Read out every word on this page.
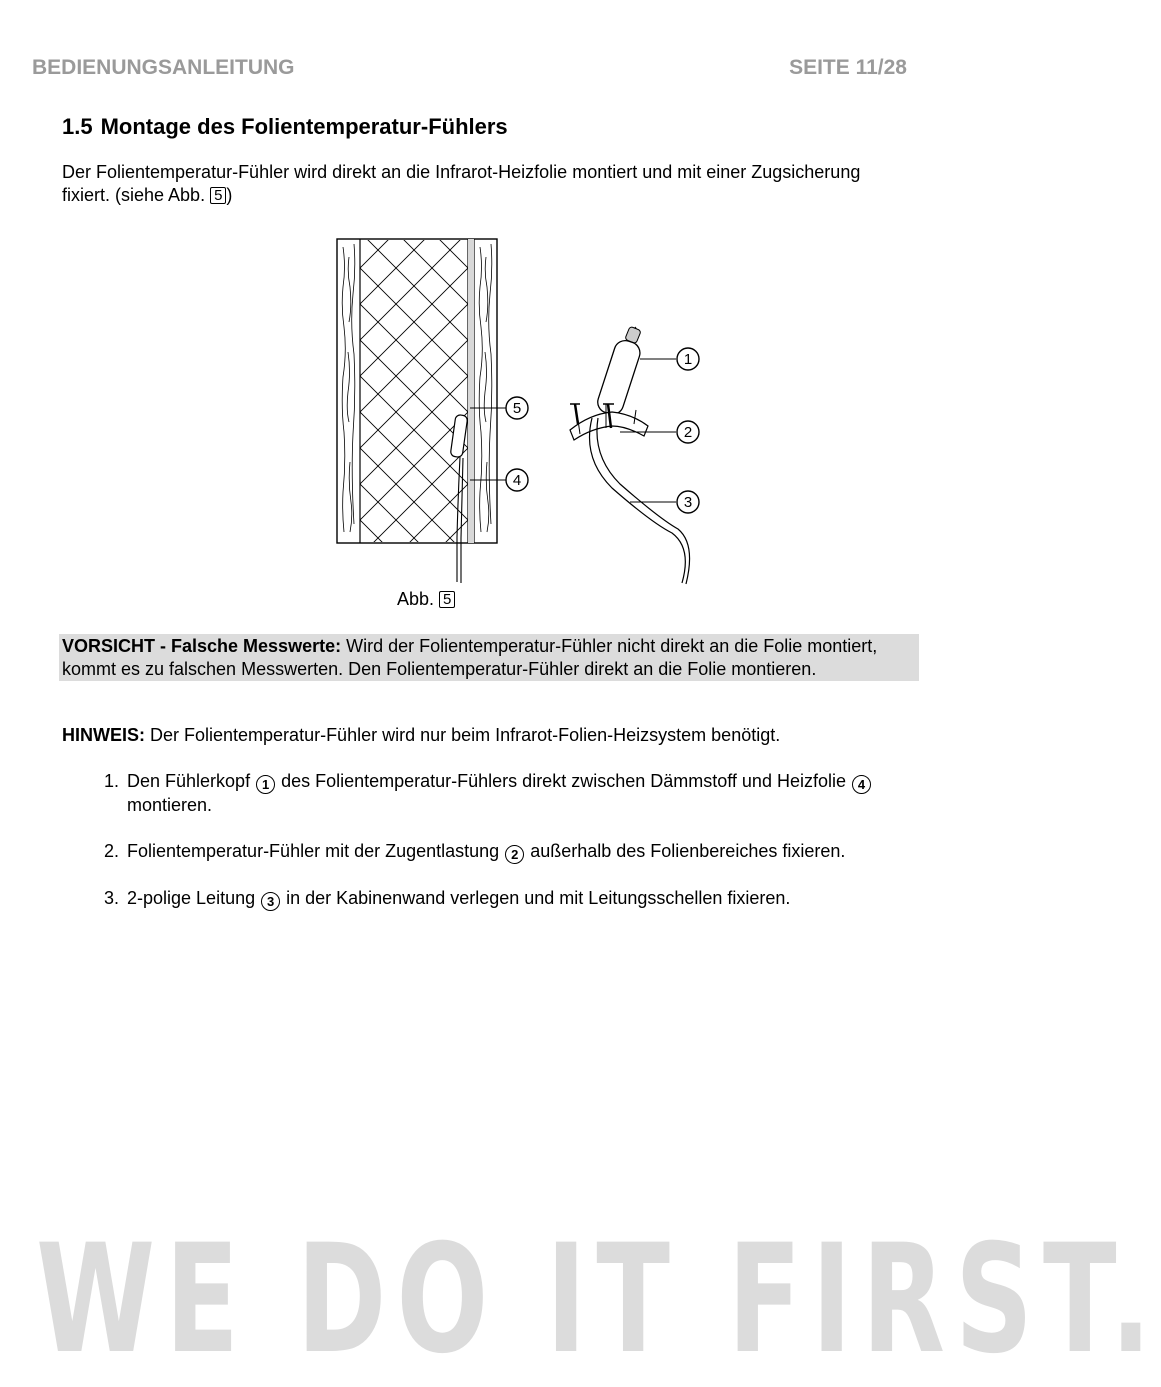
BEDIENUNGSANLEITUNG	SEITE 11/28
1.5 Montage des Folientemperatur-Fühlers
Der Folientemperatur-Fühler wird direkt an die Infrarot-Heizfolie montiert und mit einer Zugsicherung fixiert. (siehe Abb. 5 )
1
2
3
4
5
Abb. 5
VORSICHT - Falsche Messwerte: Wird der Folientemperatur-Fühler nicht direkt an die Folie montiert, kommt es zu falschen Messwerten. Den Folientemperatur-Fühler direkt an die Folie montieren.
HINWEIS: Der Folientemperatur-Fühler wird nur beim Infrarot-Folien-Heizsystem benötigt.
1. Den Fühlerkopf 1 des Folientemperatur-Fühlers direkt zwischen Dämmstoff und Heizfolie 4 montieren.
2. Folientemperatur-Fühler mit der Zugentlastung 2 außerhalb des Folienbereiches fixieren.
3. 2-polige Leitung 3 in der Kabinenwand verlegen und mit Leitungsschellen fixieren.
WE DO IT FIRST.
